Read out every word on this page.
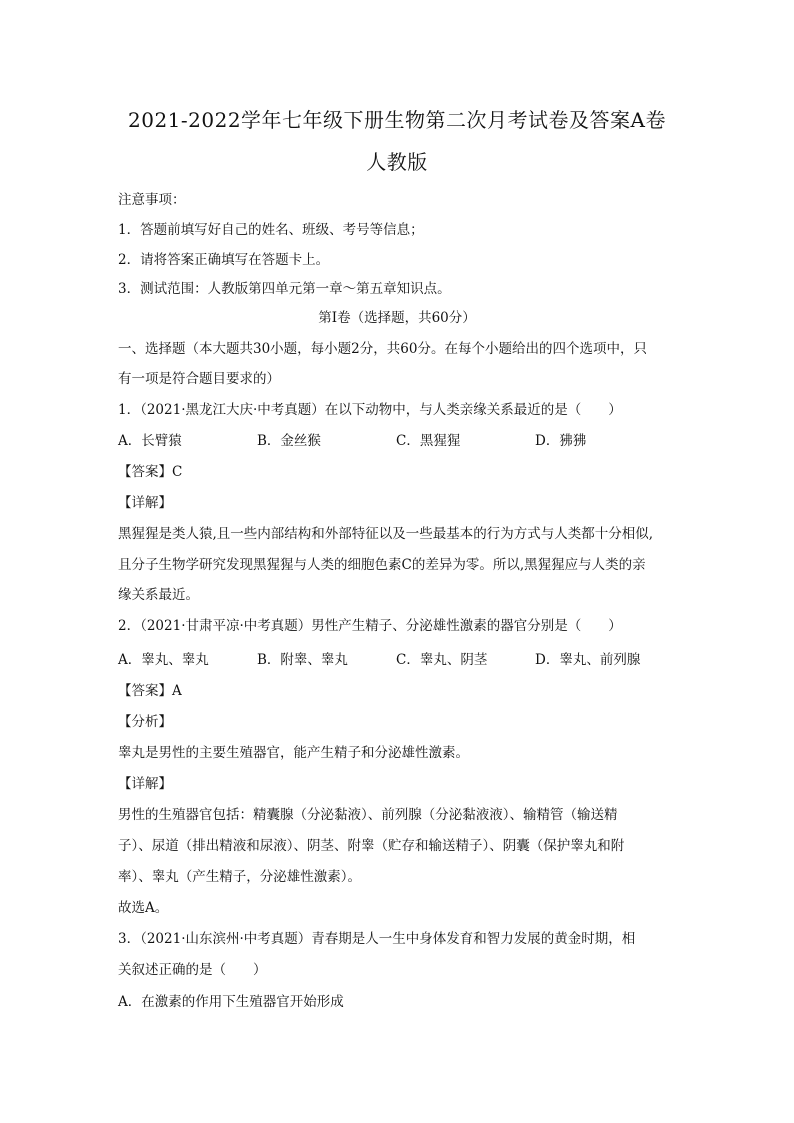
2021-2022学年七年级下册生物第二次月考试卷及答案A卷
人教版
注意事项：
1．答题前填写好自己的姓名、班级、考号等信息；
2．请将答案正确填写在答题卡上。
3．测试范围：人教版第四单元第一章～第五章知识点。
第I卷（选择题，共60分）
一、选择题（本大题共30小题，每小题2分，共60分。在每个小题给出的四个选项中，只
有一项是符合题目要求的）
1．（2021·黑龙江大庆·中考真题）在以下动物中，与人类亲缘关系最近的是（　　）
A．长臂猿	B．金丝猴	C．黑猩猩	D．狒狒
【答案】C
【详解】
黑猩猩是类人猿,且一些内部结构和外部特征以及一些最基本的行为方式与人类都十分相似,
且分子生物学研究发现黑猩猩与人类的细胞色素C的差异为零。所以,黑猩猩应与人类的亲
缘关系最近。
2．（2021·甘肃平凉·中考真题）男性产生精子、分泌雄性激素的器官分别是（　　）
A．睾丸、睾丸	B．附睾、睾丸	C．睾丸、阴茎	D．睾丸、前列腺
【答案】A
【分析】
睾丸是男性的主要生殖器官，能产生精子和分泌雄性激素。
【详解】
男性的生殖器官包括：精囊腺（分泌黏液）、前列腺（分泌黏液液）、输精管（输送精
子）、尿道（排出精液和尿液）、阴茎、附睾（贮存和输送精子）、阴囊（保护睾丸和附
率）、睾丸（产生精子，分泌雄性激素）。
故选A。
3．（2021·山东滨州·中考真题）青春期是人一生中身体发育和智力发展的黄金时期，相
关叙述正确的是（　　）
A．在激素的作用下生殖器官开始形成
